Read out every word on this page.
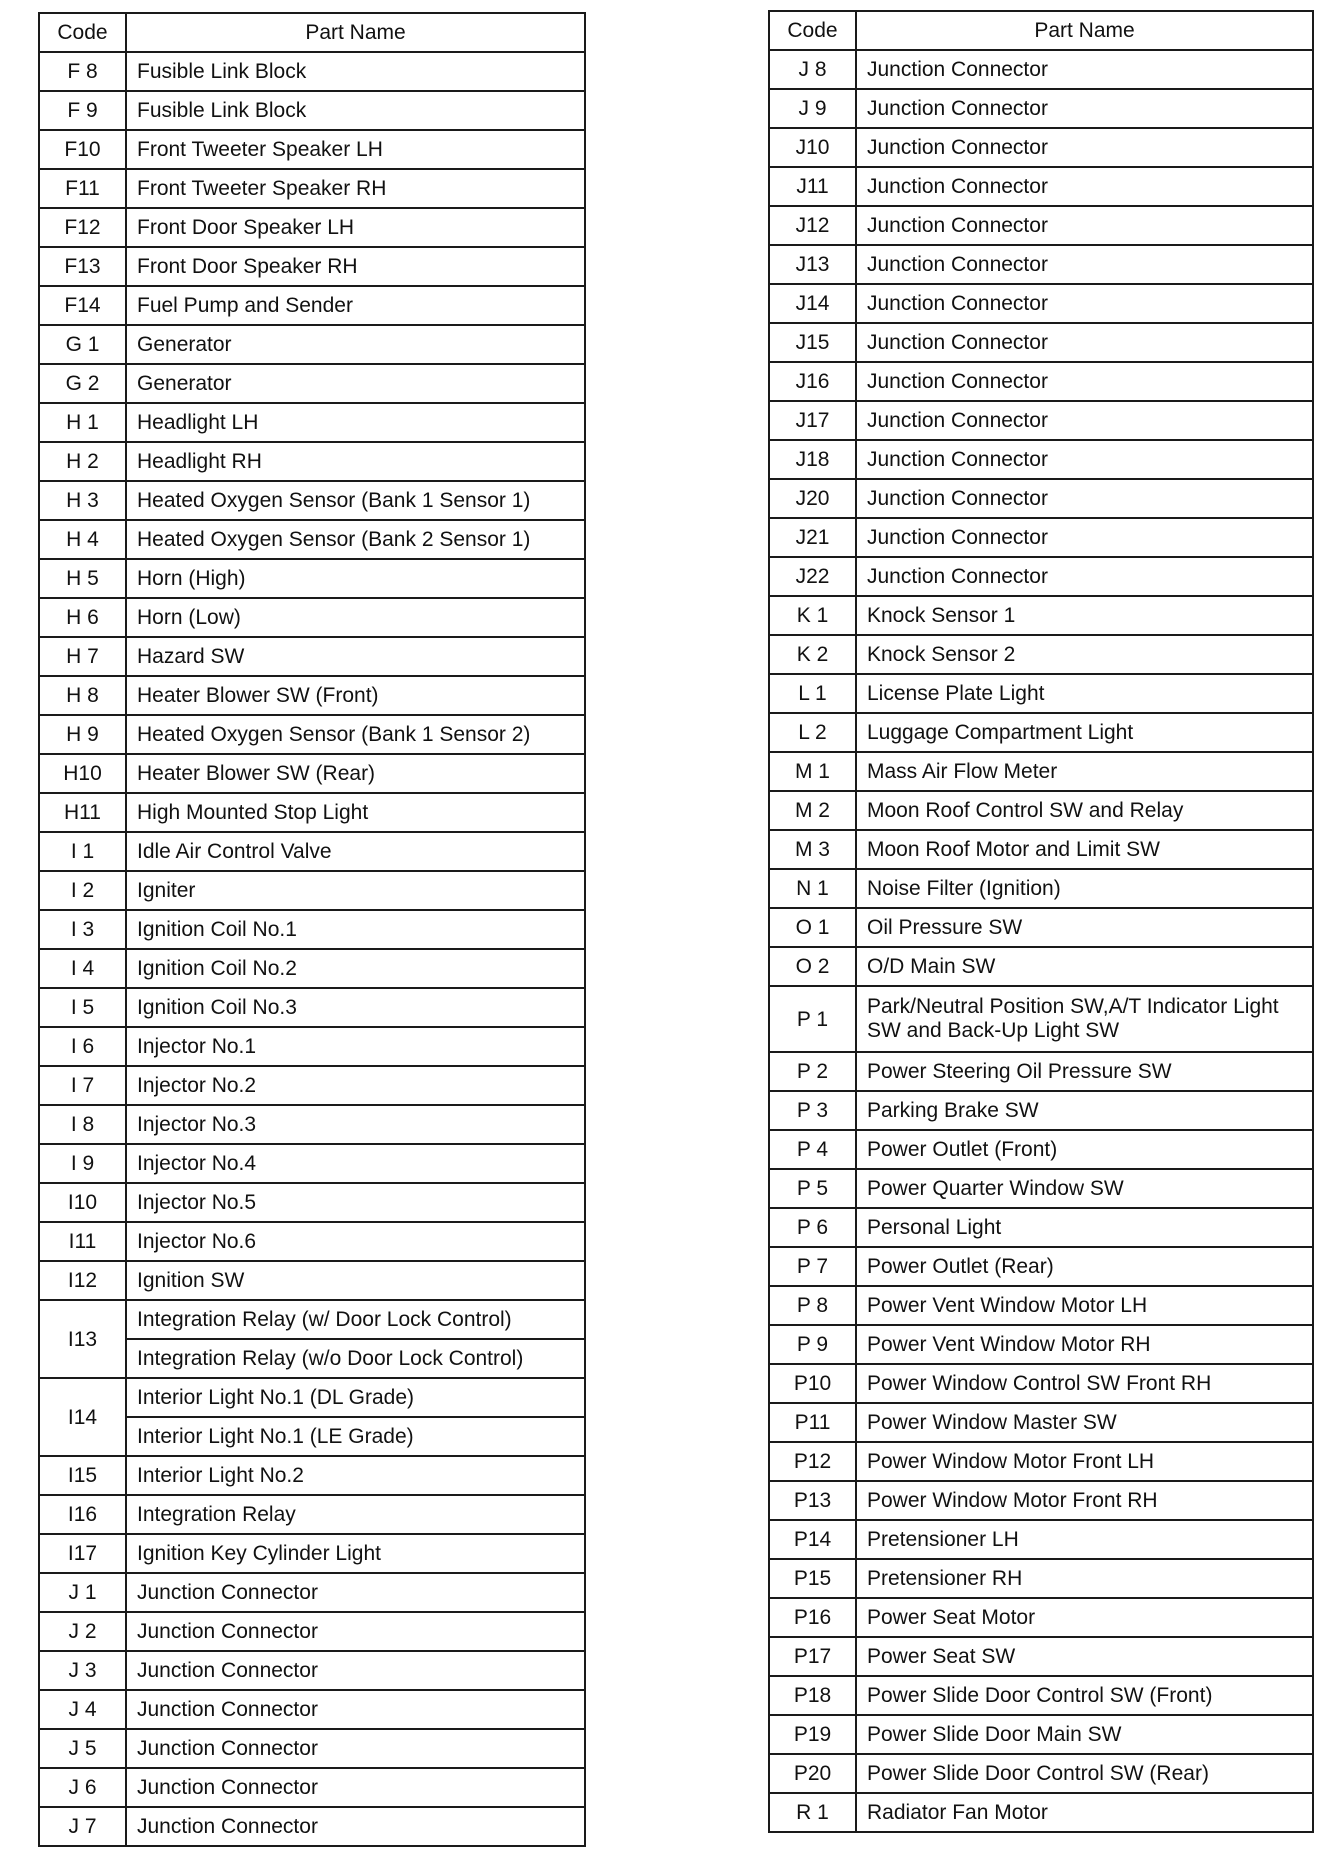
Code	Part Name
F 8	Fusible Link Block
F 9	Fusible Link Block
F10	Front Tweeter Speaker LH
F11	Front Tweeter Speaker RH
F12	Front Door Speaker LH
F13	Front Door Speaker RH
F14	Fuel Pump and Sender
G 1	Generator
G 2	Generator
H 1	Headlight LH
H 2	Headlight RH
H 3	Heated Oxygen Sensor (Bank 1 Sensor 1)
H 4	Heated Oxygen Sensor (Bank 2 Sensor 1)
H 5	Horn (High)
H 6	Horn (Low)
H 7	Hazard SW
H 8	Heater Blower SW (Front)
H 9	Heated Oxygen Sensor (Bank 1 Sensor 2)
H10	Heater Blower SW (Rear)
H11	High Mounted Stop Light
I 1	Idle Air Control Valve
I 2	Igniter
I 3	Ignition Coil No.1
I 4	Ignition Coil No.2
I 5	Ignition Coil No.3
I 6	Injector No.1
I 7	Injector No.2
I 8	Injector No.3
I 9	Injector No.4
I10	Injector No.5
I11	Injector No.6
I12	Ignition SW
I13	Integration Relay (w/ Door Lock Control)
	Integration Relay (w/o Door Lock Control)
I14	Interior Light No.1 (DL Grade)
	Interior Light No.1 (LE Grade)
I15	Interior Light No.2
I16	Integration Relay
I17	Ignition Key Cylinder Light
J 1	Junction Connector
J 2	Junction Connector
J 3	Junction Connector
J 4	Junction Connector
J 5	Junction Connector
J 6	Junction Connector
J 7	Junction Connector
Code	Part Name
J 8	Junction Connector
J 9	Junction Connector
J10	Junction Connector
J11	Junction Connector
J12	Junction Connector
J13	Junction Connector
J14	Junction Connector
J15	Junction Connector
J16	Junction Connector
J17	Junction Connector
J18	Junction Connector
J20	Junction Connector
J21	Junction Connector
J22	Junction Connector
K 1	Knock Sensor 1
K 2	Knock Sensor 2
L 1	License Plate Light
L 2	Luggage Compartment Light
M 1	Mass Air Flow Meter
M 2	Moon Roof Control SW and Relay
M 3	Moon Roof Motor and Limit SW
N 1	Noise Filter (Ignition)
O 1	Oil Pressure SW
O 2	O/D Main SW
P 1	Park/Neutral Position SW,A/T Indicator Light SW and Back-Up Light SW
P 2	Power Steering Oil Pressure SW
P 3	Parking Brake SW
P 4	Power Outlet (Front)
P 5	Power Quarter Window SW
P 6	Personal Light
P 7	Power Outlet (Rear)
P 8	Power Vent Window Motor LH
P 9	Power Vent Window Motor RH
P10	Power Window Control SW Front RH
P11	Power Window Master SW
P12	Power Window Motor Front LH
P13	Power Window Motor Front RH
P14	Pretensioner LH
P15	Pretensioner RH
P16	Power Seat Motor
P17	Power Seat SW
P18	Power Slide Door Control SW (Front)
P19	Power Slide Door Main SW
P20	Power Slide Door Control SW (Rear)
R 1	Radiator Fan Motor
